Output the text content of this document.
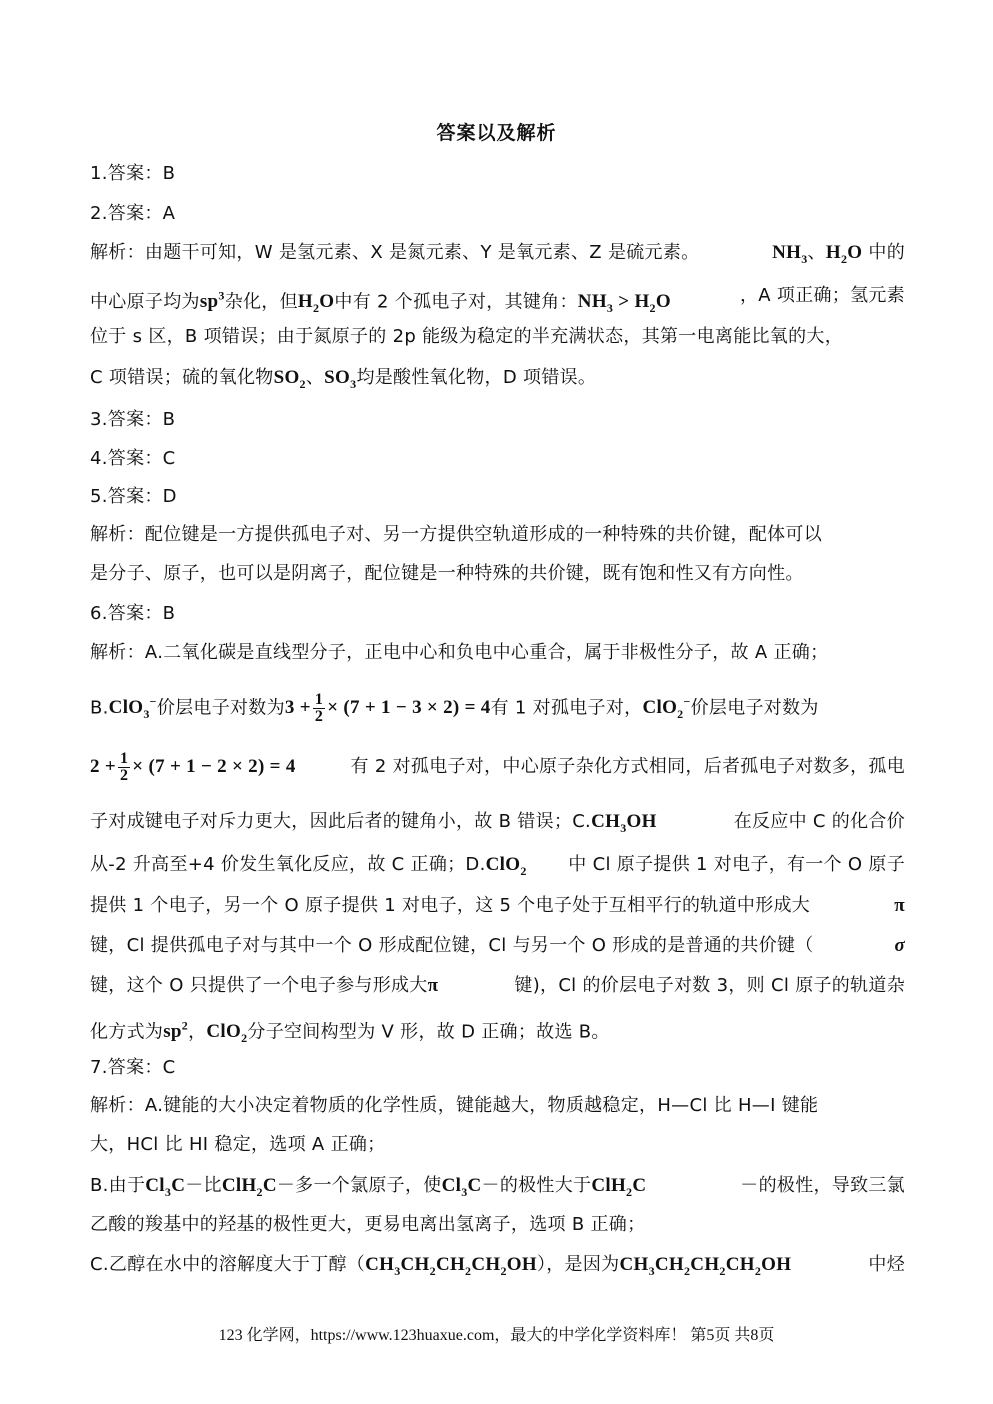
答案以及解析
1.答案：B
2.答案：A
解析：由题干可知，W 是氢元素、X 是氮元素、Y 是氧元素、Z 是硫元素。	$NH_3$、$H_2O$ 中的
中心原子均为$sp^3$杂化，但$H_2O$中有 2 个孤电子对，其键角：$NH_3 > H_2O$	，A 项正确；氢元素
位于 s 区，B 项错误；由于氮原子的 2p 能级为稳定的半充满状态，其第一电离能比氧的大，
C 项错误；硫的氧化物$SO_2$、$SO_3$均是酸性氧化物，D 项错误。
3.答案：B
4.答案：C
5.答案：D
解析：配位键是一方提供孤电子对、另一方提供空轨道形成的一种特殊的共价键，配体可以
是分子、原子，也可以是阴离子，配位键是一种特殊的共价键，既有饱和性又有方向性。
6.答案：B
解析：A.二氧化碳是直线型分子，正电中心和负电中心重合，属于非极性分子，故 A 正确；
B.ClO$_3$−价层电子对数为$3 + \frac{1}{2} \times (7 + 1 - 3 \times 2) = 4$有 1 对孤电子对，ClO$_2$−价层电子对数为
$2 + \frac{1}{2} \times (7 + 1 - 2 \times 2) = 4$	有 2 对孤电子对，中心原子杂化方式相同，后者孤电子对数多，孤电
子对成键电子对斥力更大，因此后者的键角小，故 B 错误；$C.CH_3OH$	在反应中 C 的化合价
从-2 升高至+4 价发生氧化反应，故 C 正确；D.ClO$_2$ 中 Cl 原子提供 1 对电子，有一个 O 原子
提供 1 个电子，另一个 O 原子提供 1 对电子，这 5 个电子处于互相平行的轨道中形成大	π
键，Cl 提供孤电子对与其中一个 O 形成配位键，Cl 与另一个 O 形成的是普通的共价键（	σ
键，这个 O 只提供了一个电子参与形成大π	键)，Cl 的价层电子对数 3，则 Cl 原子的轨道杂
化方式为$sp^2$，ClO$_2$分子空间构型为 V 形，故 D 正确；故选 B。
7.答案：C
解析：A.键能的大小决定着物质的化学性质，键能越大，物质越稳定，H—Cl 比 H—I 键能
大，HCl 比 HI 稳定，选项 A 正确；
B.由于$Cl_3C-$比ClH$_2$C－多一个氯原子，使$Cl_3C-$的极性大于ClH$_2$C	－的极性，导致三氯
乙酸的羧基中的羟基的极性更大，更易电离出氢离子，选项 B 正确；
C.乙醇在水中的溶解度大于丁醇$(CH_3CH_2CH_2CH_2OH)$，是因为$CH_3CH_2CH_2CH_2OH$	中烃
123 化学网，https://www.123huaxue.com，最大的中学化学资料库！ 第5页 共8页
